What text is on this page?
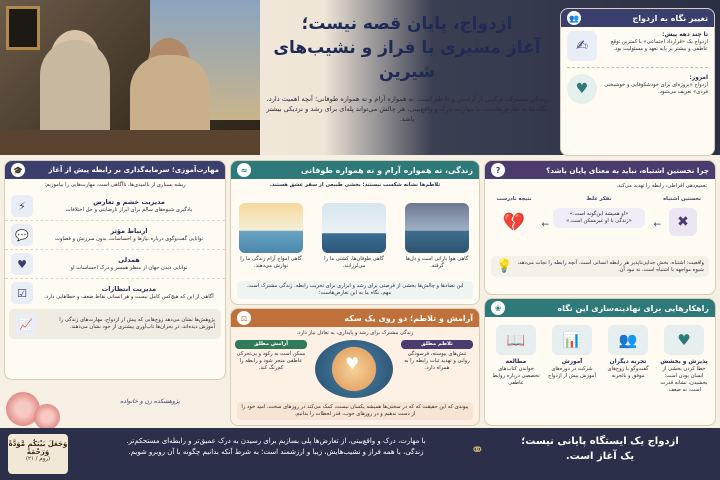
ازدواج، پایان قصه نیست؛
آغاز مسیری با فراز و نشیب‌های شیرین
زندگی مشترک، ترکیبی از آرامش و تلاطم است. نه همواره آرام و نه همواره طوفانی؛ آنچه اهمیت دارد، نگاه ما به تعارض‌هاست. با مهارت، درک و واقع‌بینی، هر چالش می‌تواند پله‌ای برای رشد و نزدیکی بیشتر باشد.
تغییر نگاه به ازدواج
👥
تا چند دهه پیش:
ازدواج یک «قرارداد اجتماعی» با کمترین توقع عاطفی و بیشتر بر پایه تعهد و مسئولیت بود.
✍
امروز:
ازدواج «پروژه‌ای برای خودشکوفایی و خوشبختی فردی» تعریف می‌شود.
♥
مهارت‌آموزی؛ سرمایه‌گذاری بر رابطه پیش از آغاز
🎓
ریشه بسیاری از ناامیدی‌ها، ناآگاهی است. مهارت‌هایی را بیاموزیم:
مدیریت خشم و تعارض
یادگیری شیوه‌های سالم برای ابراز نارضایتی و حل اختلافات
⚡
ارتباط مؤثر
توانایی گفت‌وگوی درباره نیازها و احساسات، بدون سرزنش و قضاوت
💬
همدلی
توانایی دیدن جهان از منظر همسر و درک احساسات او
♥
مدیریت انتظارات
آگاهی از این که هیچ‌کس کامل نیست و هر انسانی نقاط ضعف و خطاهایی دارد.
☑
پژوهش‌ها نشان می‌دهد زوج‌هایی که پیش از ازدواج، مهارت‌های زندگی را آموزش دیده‌اند، در بحران‌ها تاب‌آوری بیشتری از خود نشان می‌دهند.
📈
زندگی، نه همواره آرام و نه همواره طوفانی
≈
تلاطم‌ها نشانه شکست نیستند؛ بخشی طبیعی از سفر عشق هستند.
گاهی هوا بارانی است و دل‌ها گرفته.
گاهی طوفان‌ها، کشتی ما را می‌لرزانند.
گاهی امواج آرام زندگی ما را نوازش می‌دهند.
این تضادها و چالش‌ها بخشی از فرصتی برای رشد و ابزاری برای تخریب رابطه. زندگی مشترک است. مهم، نگاه ما به این تعارض‌هاست؛
چرا نخستین اشتباه، نباید به معنای پایان باشد؟
?
تعمیم‌دهی افراطی، رابطه را تهدید می‌کند.
نخستین اشتباه
✖
←
تفکر غلط
«او همیشه این‌گونه است.»
«زندگی با او غیرممکن است.»
←
نتیجه نادرست
💔
واقعیت: اشتباه، بخش جدایی‌ناپذیر هر رابطه انسانی است. آنچه رابطه را نجات می‌دهد، شیوه مواجهه با اشتباه است، نه نبود آن.
💡
آرامش و تلاطم؛ دو روی یک سکه
⚖
زندگی مشترک برای رشد و پایداری، به تعادل نیاز دارد.
تلاطم مطلق
تنش‌های پیوسته، فرسودگی روانی و تهدید ثبات رابطه را به همراه دارد.
♥
آرامش مطلق
ممکن است به رکود و بی‌تحرکی عاطفی منجر شود و رابطه را کم‌رنگ کند.
پیوندی که این حقیقت که که در سختی‌ها همیشه یکسان نیست، کمک می‌کند در روزهای سخت، امید خود را از دست ندهیم و در روزهای خوب، قدر لحظات را بدانیم.
راهکارهایی برای نهادینه‌سازی این نگاه
❀
♥
پذیرش و بخشش
خطا کردن بخشی از انسان بودن است؛ بخشیدن، نشانه قدرت است، نه ضعف.
👥
تجربه دیگران
گفت‌وگو با زوج‌های موفق و باتجربه
📊
آموزش
شرکت در دوره‌های آموزش پیش از ازدواج
📖
مطالعه
خواندن کتاب‌های تخصصی درباره روابط عاطفی
پژوهشکده زن و خانواده
وَجَعَلَ بَيْنَكُم مَّوَدَّةً وَرَحْمَةً
(روم / ۲۱)
با مهارت، درک و واقع‌بینی، از تعارض‌ها پلی بسازیم برای رسیدن به درک عمیق‌تر و رابطه‌ای مستحکم‌تر.
زندگی، با همه فراز و نشیب‌هایش، زیبا و ارزشمند است؛ به شرط آنکه بدانیم چگونه با آن روبرو شویم.
ازدواج یک ایستگاه پایانی نیست؛
یک آغاز است.
⚭
